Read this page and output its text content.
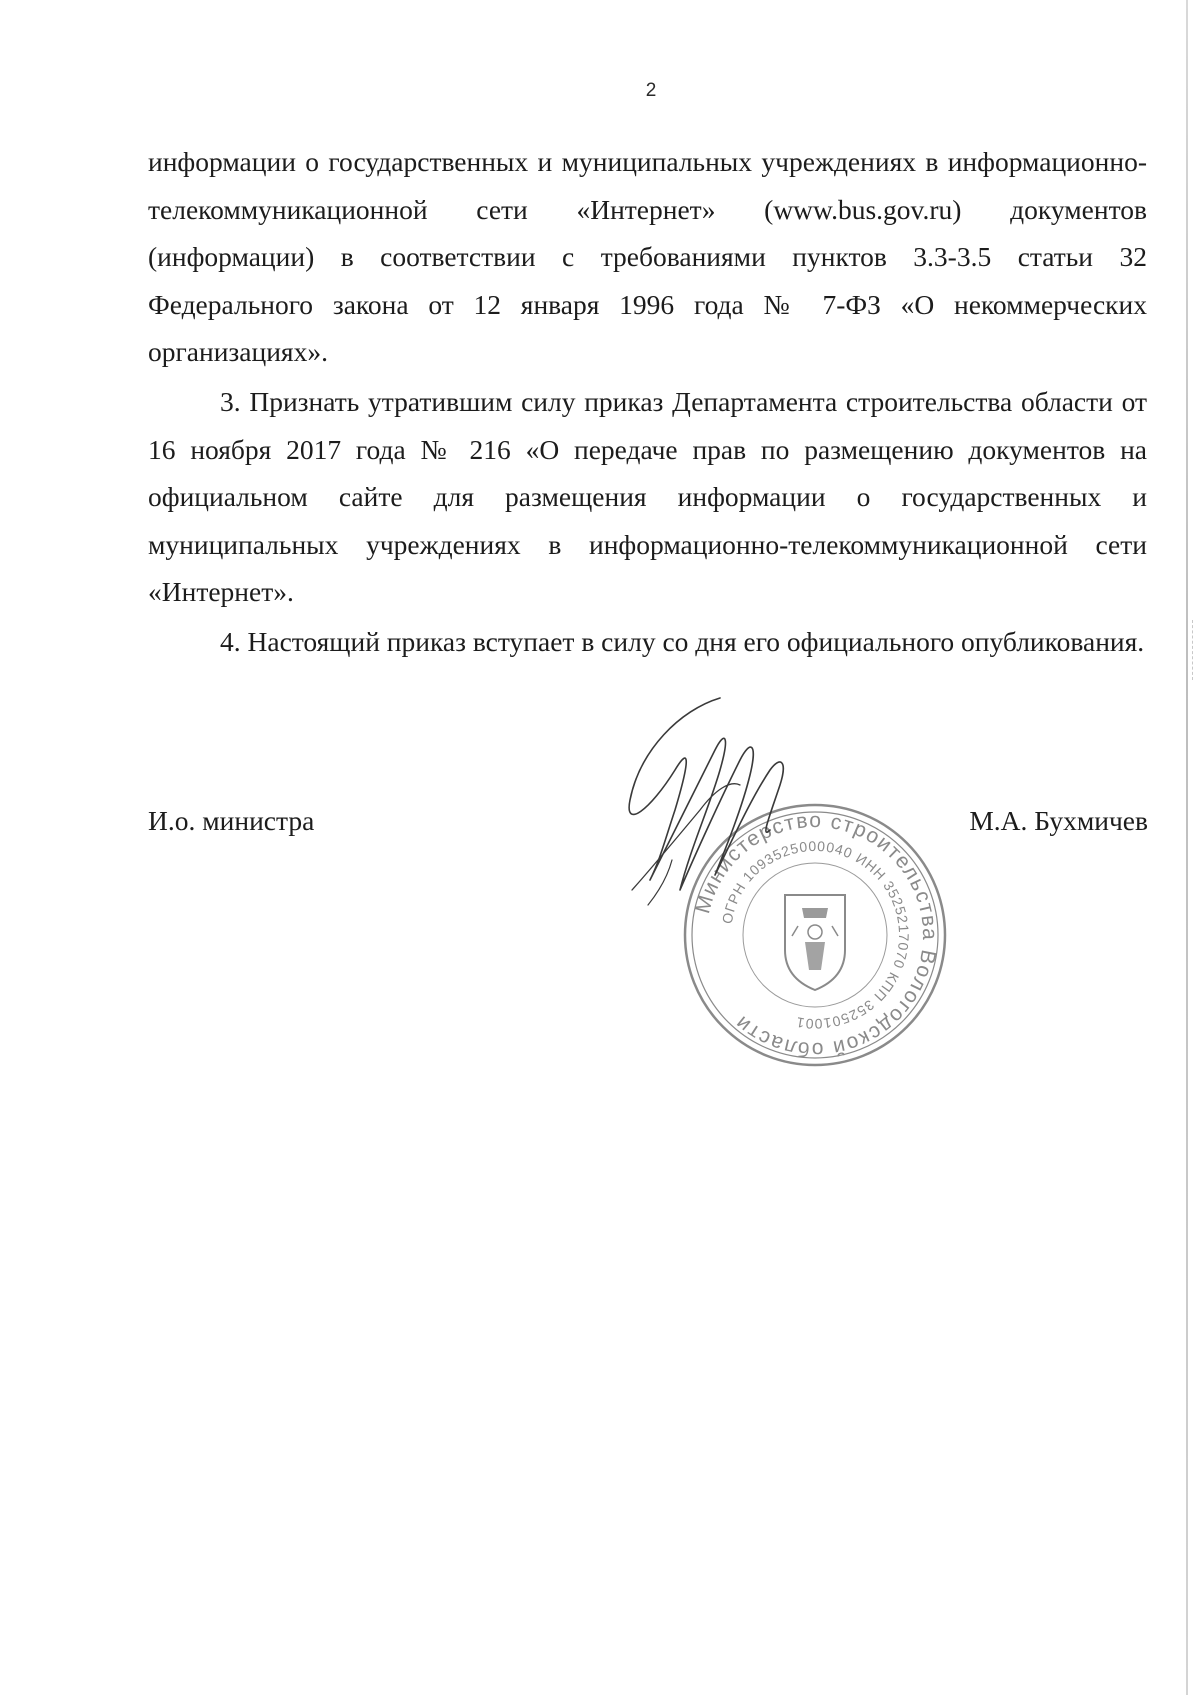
2

информации о государственных и муниципальных учреждениях в информационно-телекоммуникационной сети «Интернет» (www.bus.gov.ru) документов (информации) в соответствии с требованиями пунктов 3.3-3.5 статьи 32 Федерального закона от 12 января 1996 года № 7-ФЗ «О некоммерческих организациях».

3. Признать утратившим силу приказ Департамента строительства области от 16 ноября 2017 года № 216 «О передаче прав по размещению документов на официальном сайте для размещения информации о государственных и муниципальных учреждениях в информационно-телекоммуникационной сети «Интернет».

4. Настоящий приказ вступает в силу со дня его официального опубликования.

И.о. министра	М.А. Бухмичев
Министерство строительства Вологодской области
ОГРН 1093525000040 ИНН 3525217070 КПП 352501001
